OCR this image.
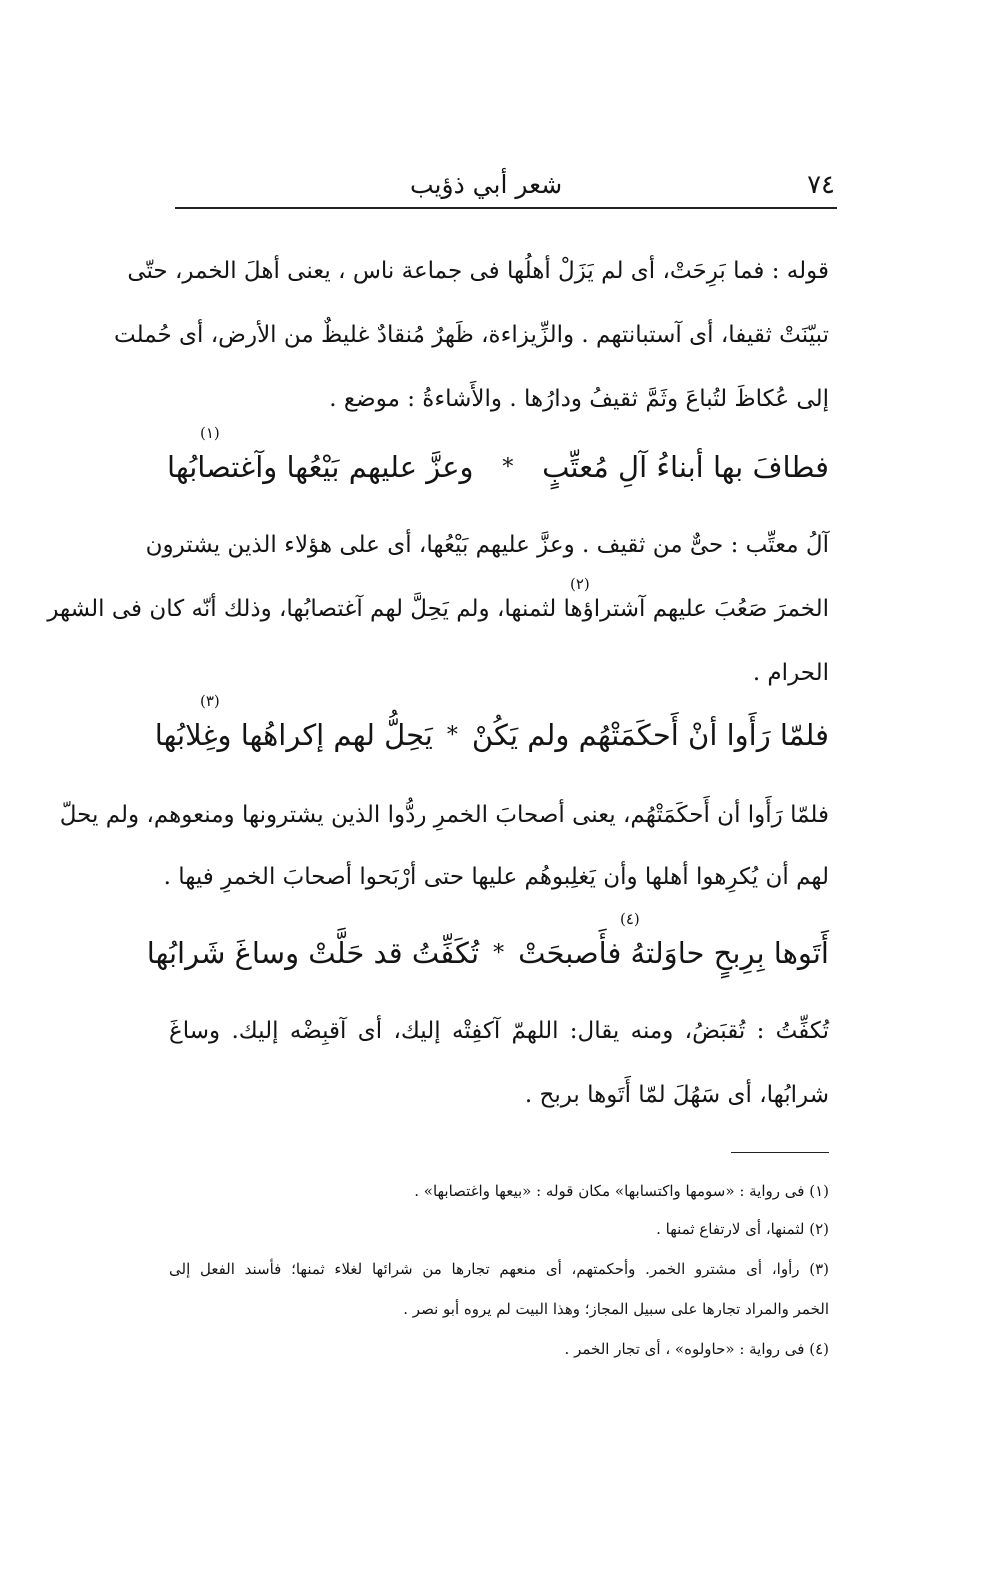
٧٤
شعر أبي ذؤيب
قوله : فما بَرِحَتْ، أى لم يَزَلْ أهلُها فى جماعة ناس ، يعنى أهلَ الخمر، حتّى
تبيّنَتْ ثقيفا، أى آستبانتهم . والزِّيزاءة، ظَهرٌ مُنقادٌ غليظٌ من الأرض، أى حُملت
إلى عُكاظَ لتُباعَ وثَمَّ ثقيفُ ودارُها . والأَشاءةُ : موضع .
(١)
فطافَ بها أبناءُ آلِ مُعتِّبٍ
*
وعزَّ عليهم بَيْعُها وآغتصابُها
آلُ معتِّب : حىٌّ من ثقيف . وعزَّ عليهم بَيْعُها، أى على هؤلاء الذين يشترون
(٢)
الخمرَ صَعُبَ عليهم آشتراؤها لثمنها، ولم يَحِلَّ لهم آغتصابُها، وذلك أنّه كان فى الشهر
الحرام .
(٣)
فلمّا رَأَوا أنْ أَحكَمَتْهُم ولم يَكُنْ
*
يَحِلُّ لهم إكراهُها وغِلابُها
فلمّا رَأَوا أن أَحكَمَتْهُم، يعنى أصحابَ الخمرِ ردُّوا الذين يشترونها ومنعوهم، ولم يحلّ
لهم أن يُكرِهوا أهلها وأن يَغلِبوهُم عليها حتى أرْبَحوا أصحابَ الخمرِ فيها .
(٤)
أَتَوها بِرِبحٍ حاوَلتهُ فأَصبحَتْ
*
تُكَفِّتُ قد حَلَّتْ وساغَ شَرابُها
تُكفِّتُ : تُقبَضُ، ومنه يقال: اللهمّ آكفِتْه إليك، أى آقبِضْه إليك. وساغَ
شرابُها، أى سَهُلَ لمّا أَتَوها بربح .
(١) فى رواية : «سومها واكتسابها» مكان قوله : «بيعها واغتصابها» .
(٢) لثمنها، أى لارتفاع ثمنها .
(٣) رأوا، أى مشترو الخمر. وأحكمتهم، أى منعهم تجارها من شرائها لغلاء ثمنها؛ فأسند الفعل إلى
الخمر والمراد تجارها على سبيل المجاز؛ وهذا البيت لم يروه أبو نصر .
(٤) فى رواية : «حاولوه» ، أى تجار الخمر .
